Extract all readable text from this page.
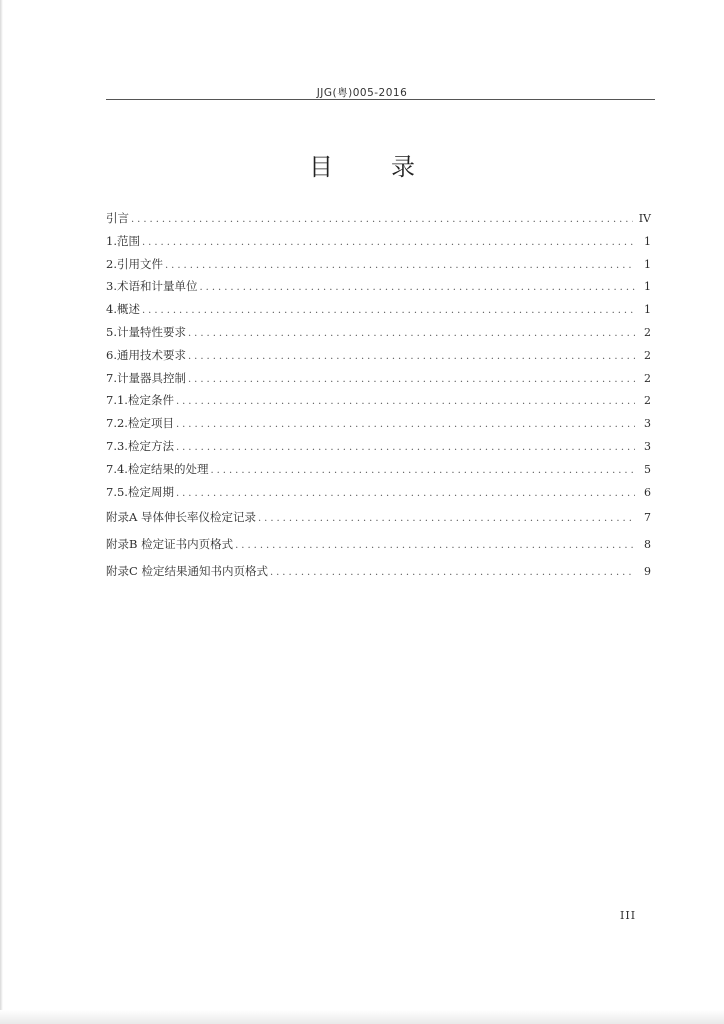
JJG(粤)005-2016
目录
引言 .....	IV
1.范围 .....	1
2.引用文件 .....	1
3.术语和计量单位 .....	1
4.概述 .....	1
5.计量特性要求 .....	2
6.通用技术要求 .....	2
7.计量器具控制 .....	2
7.1.检定条件 .....	2
7.2.检定项目 .....	3
7.3.检定方法 .....	3
7.4.检定结果的处理 .....	5
7.5.检定周期 .....	6
附录A 导体伸长率仪检定记录 .....	7
附录B 检定证书内页格式 .....	8
附录C 检定结果通知书内页格式 .....	9
III
